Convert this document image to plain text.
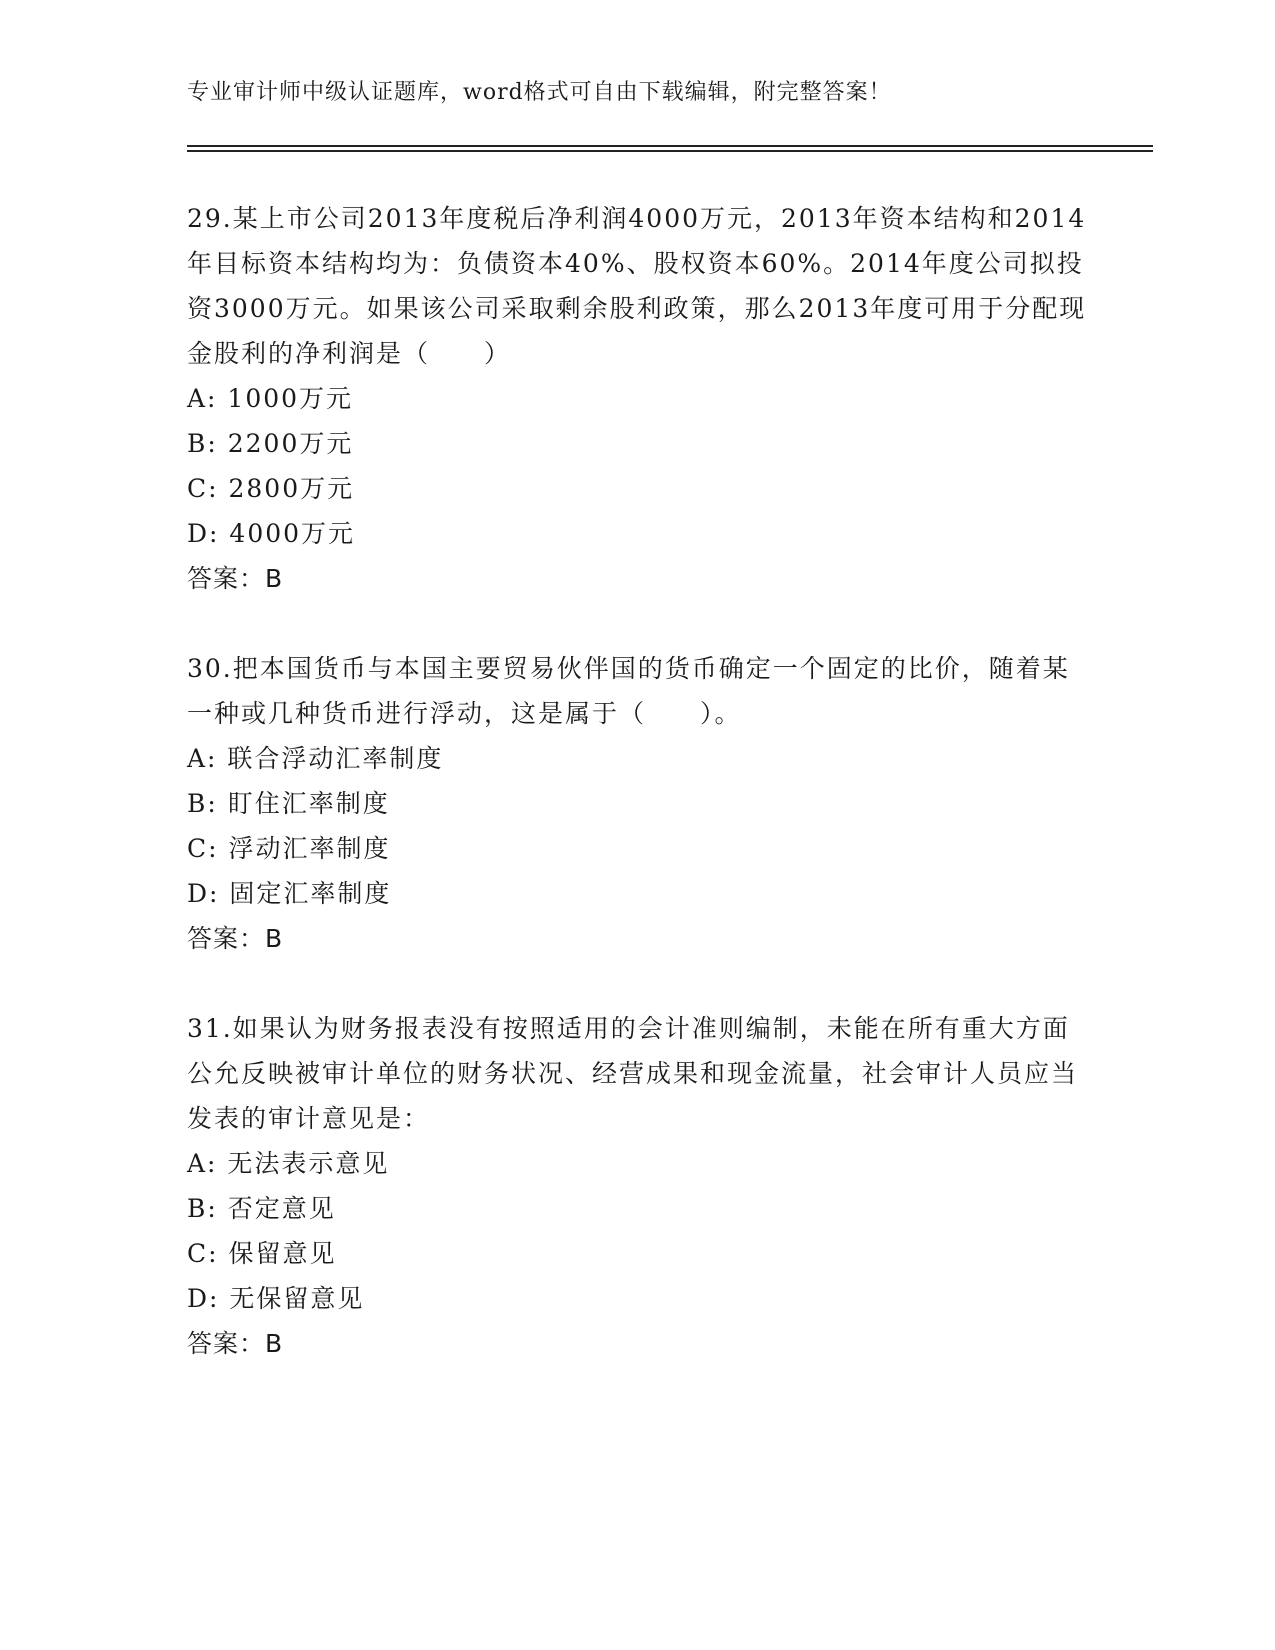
专业审计师中级认证题库，word格式可自由下载编辑，附完整答案！

29.某上市公司2013年度税后净利润4000万元，2013年资本结构和2014年目标资本结构均为：负债资本40%、股权资本60%。2014年度公司拟投资3000万元。如果该公司采取剩余股利政策，那么2013年度可用于分配现金股利的净利润是（　　）

A: 1000万元

B: 2200万元

C: 2800万元

D: 4000万元

答案：B

30.把本国货币与本国主要贸易伙伴国的货币确定一个固定的比价，随着某一种或几种货币进行浮动，这是属于（　　）。

A: 联合浮动汇率制度

B: 盯住汇率制度

C: 浮动汇率制度

D: 固定汇率制度

答案：B

31.如果认为财务报表没有按照适用的会计准则编制，未能在所有重大方面公允反映被审计单位的财务状况、经营成果和现金流量，社会审计人员应当发表的审计意见是：

A: 无法表示意见

B: 否定意见

C: 保留意见

D: 无保留意见

答案：B
